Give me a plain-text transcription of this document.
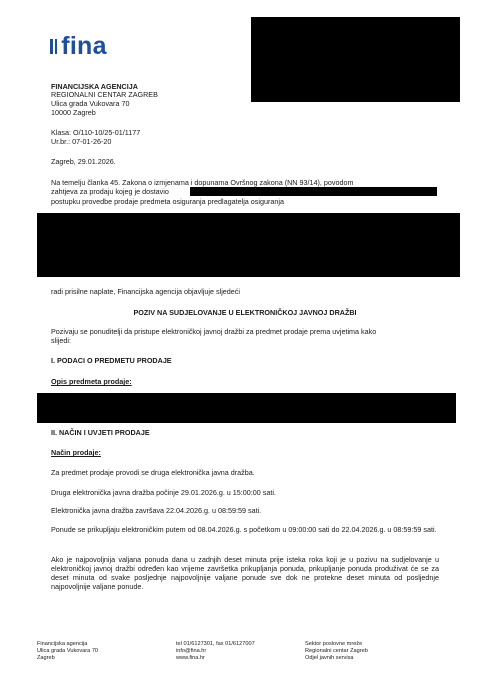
fina
FINANCIJSKA AGENCIJA
REGIONALNI CENTAR ZAGREB
Ulica grada Vukovara 70
10000 Zagreb
Klasa: O/110-10/25-01/1177
Ur.br.: 07-01-26-20
Zagreb, 29.01.2026.
Na temelju članka 45. Zakona o izmjenama i dopunama Ovršnog zakona (NN 93/14), povodom
zahtjeva za prodaju kojeg je dostavio
postupku provedbe prodaje predmeta osiguranja predlagatelja osiguranja
radi prisilne naplate, Financijska agencija objavljuje sljedeći
POZIV NA SUDJELOVANJE U ELEKTRONIČKOJ JAVNOJ DRAŽBI
Pozivaju se ponuditelji da pristupe elektroničkoj javnoj dražbi za predmet prodaje prema uvjetima kako
slijedi:
I. PODACI O PREDMETU PRODAJE
Opis predmeta prodaje:
II. NAČIN I UVJETI PRODAJE
Način prodaje:
Za predmet prodaje provodi se druga elektronička javna dražba.
Druga elektronička javna dražba počinje 29.01.2026.g. u 15:00:00 sati.
Elektronička javna dražba završava 22.04.2026.g. u 08:59:59 sati.
Ponude se prikupljaju elektroničkim putem od 08.04.2026.g. s početkom u 09:00:00 sati do 22.04.2026.g. u 08:59:59 sati.
Ako je najpovoljnija valjana ponuda dana u zadnjih deset minuta prije isteka roka koji je u pozivu na sudjelovanje u elektroničkoj javnoj dražbi određen kao vrijeme završetka prikupljanja ponuda, prikupljanje ponuda produživat će se za deset minuta od svake posljednje najpovoljnije valjane ponude sve dok ne protekne deset minuta od posljednje najpovoljnije valjane ponude.
Financijska agencija
Ulica grada Vukovara 70
Zagreb
tel 01/6127301, fax 01/6127007
info@fina.hr
www.fina.hr
Sektor poslovne mreže
Regionalni centar Zagreb
Odjel javnih servisa
